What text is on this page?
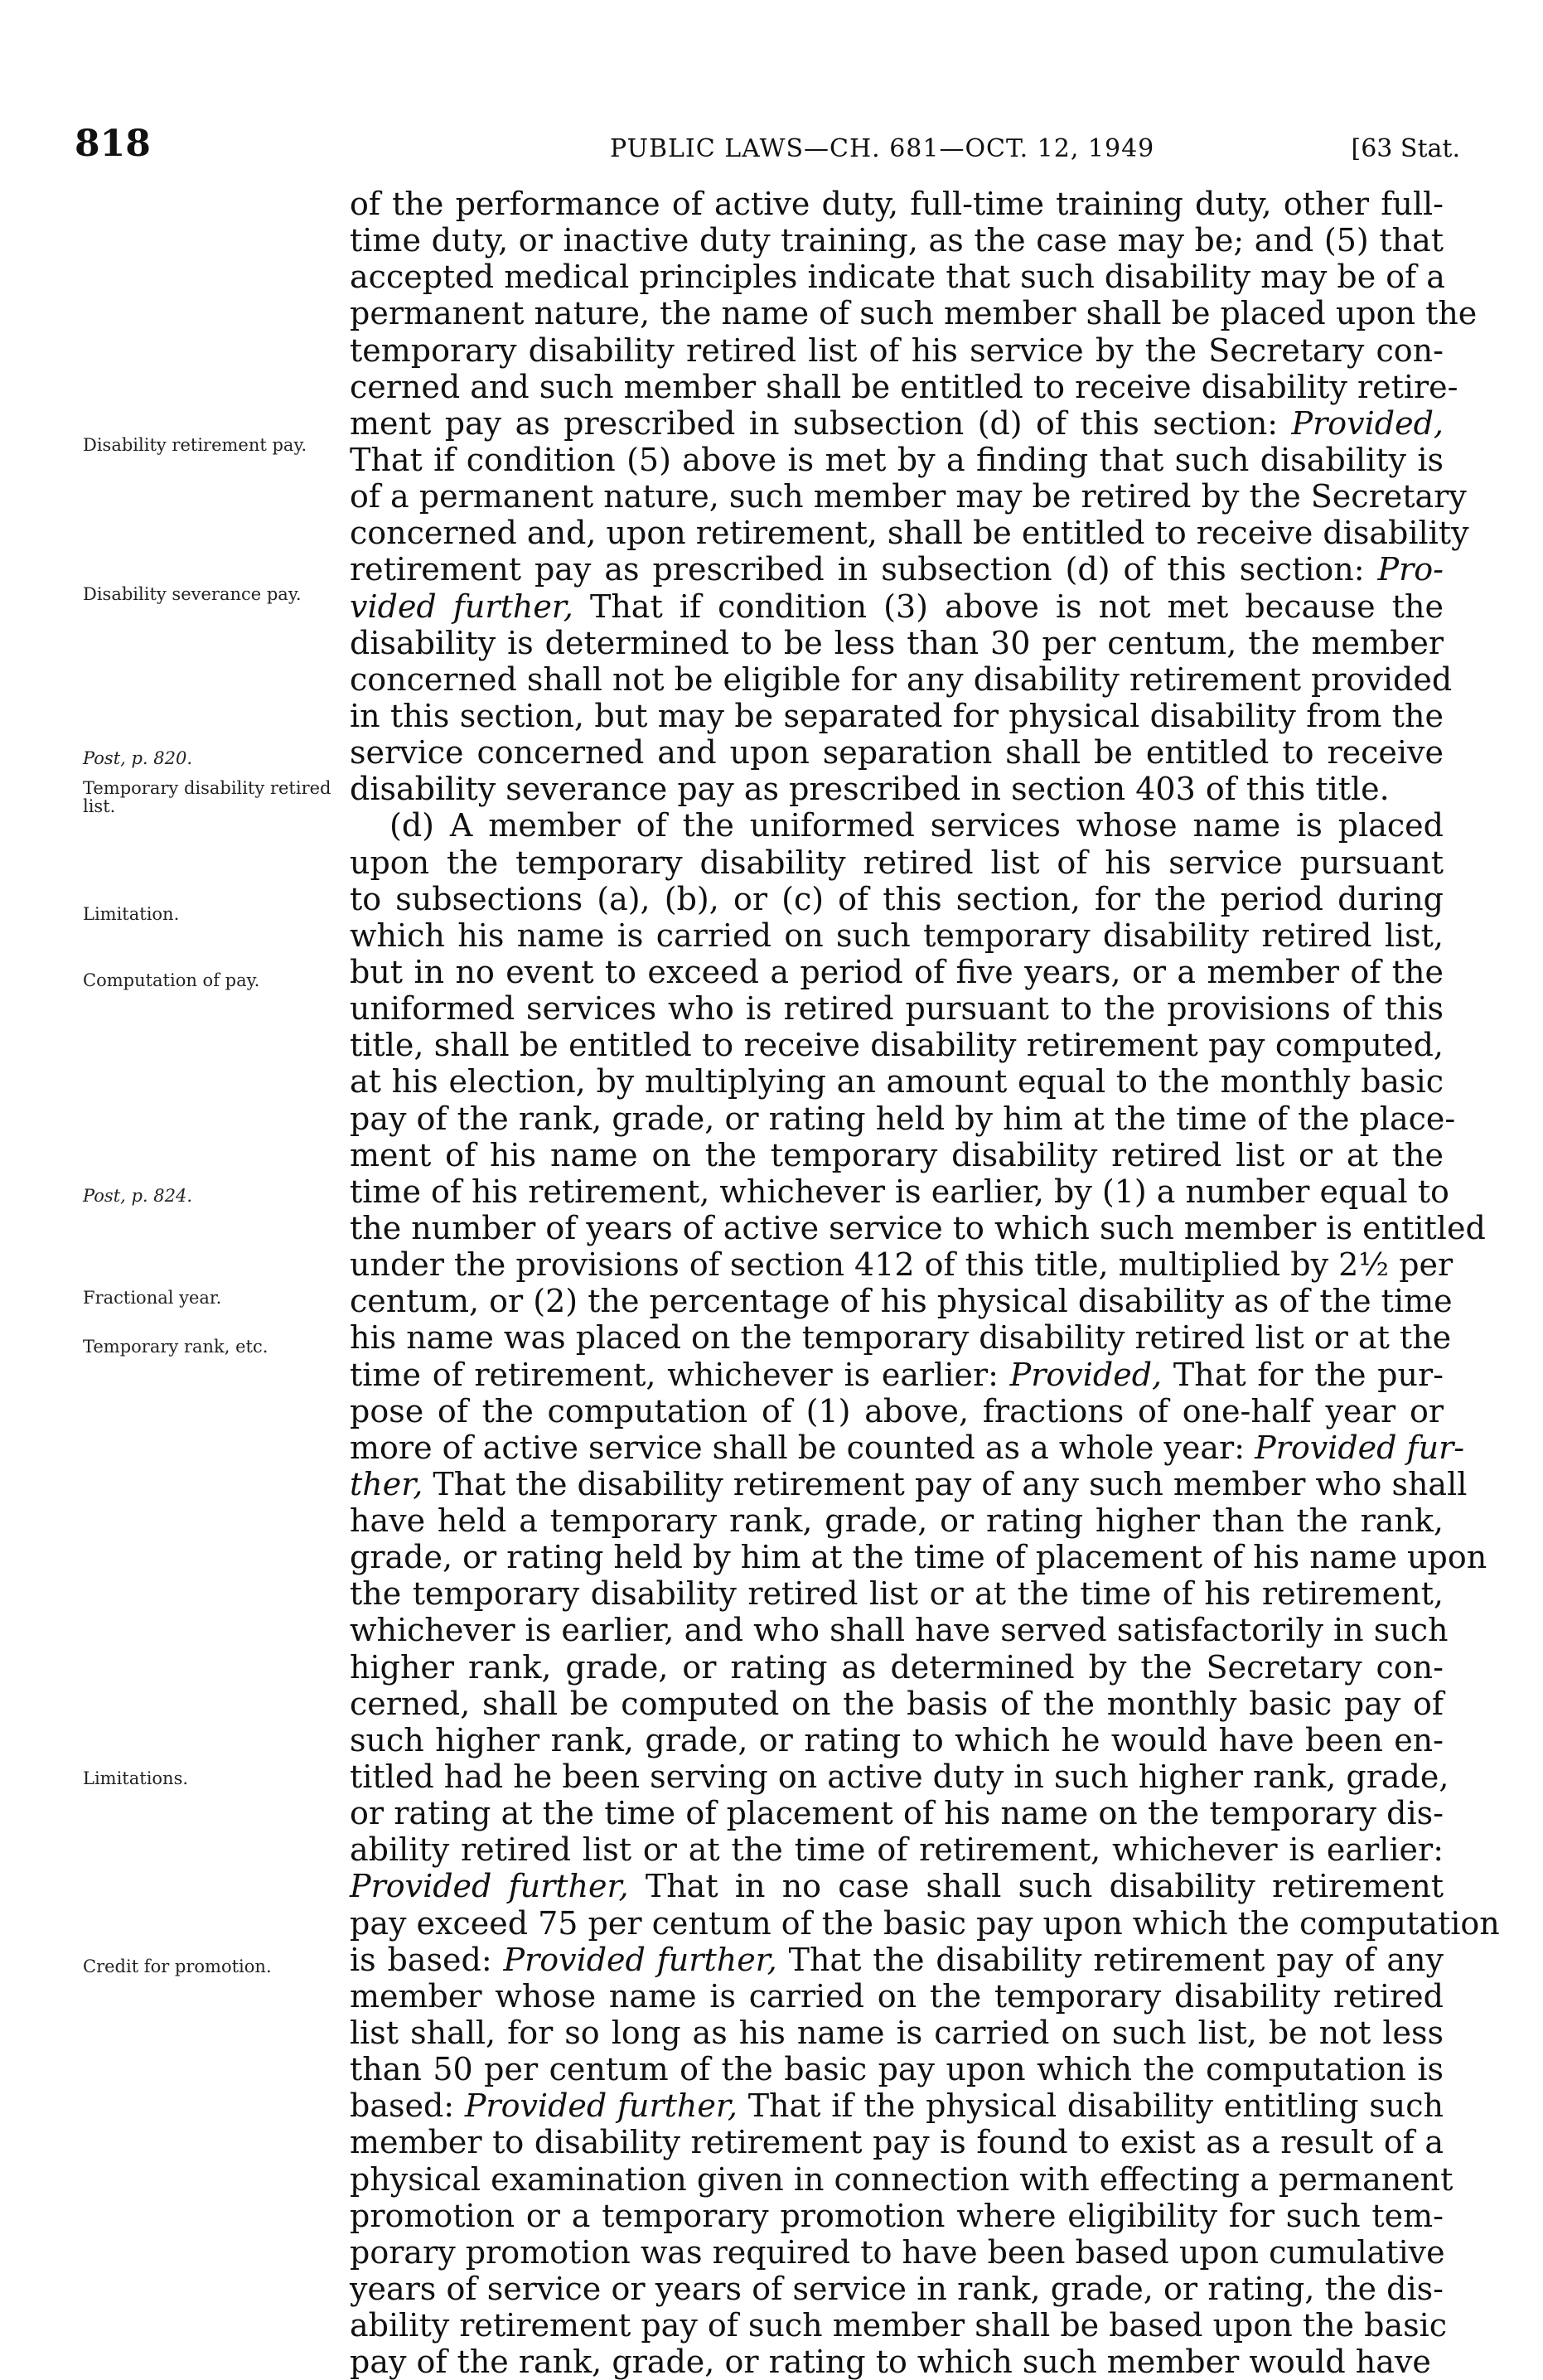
818	PUBLIC LAWS—CH. 681—OCT. 12, 1949	[63 Stat.
Disability retirement pay.
Disability severance pay.
Post, p. 820.
Temporary disability retired list.
Limitation.
Computation of pay.
Post, p. 824.
Fractional year.
Temporary rank, etc.
Limitations.
Credit for promotion.
of the performance of active duty, full-time training duty, other full-
time duty, or inactive duty training, as the case may be; and (5) that
accepted medical principles indicate that such disability may be of a
permanent nature, the name of such member shall be placed upon the
temporary disability retired list of his service by the Secretary con-
cerned and such member shall be entitled to receive disability retire-
ment pay as prescribed in subsection (d) of this section: Provided,
That if condition (5) above is met by a finding that such disability is
of a permanent nature, such member may be retired by the Secretary
concerned and, upon retirement, shall be entitled to receive disability
retirement pay as prescribed in subsection (d) of this section: Pro-
vided further, That if condition (3) above is not met because the
disability is determined to be less than 30 per centum, the member
concerned shall not be eligible for any disability retirement provided
in this section, but may be separated for physical disability from the
service concerned and upon separation shall be entitled to receive
disability severance pay as prescribed in section 403 of this title.
(d) A member of the uniformed services whose name is placed
upon the temporary disability retired list of his service pursuant
to subsections (a), (b), or (c) of this section, for the period during
which his name is carried on such temporary disability retired list,
but in no event to exceed a period of five years, or a member of the
uniformed services who is retired pursuant to the provisions of this
title, shall be entitled to receive disability retirement pay computed,
at his election, by multiplying an amount equal to the monthly basic
pay of the rank, grade, or rating held by him at the time of the place-
ment of his name on the temporary disability retired list or at the
time of his retirement, whichever is earlier, by (1) a number equal to
the number of years of active service to which such member is entitled
under the provisions of section 412 of this title, multiplied by 2½ per
centum, or (2) the percentage of his physical disability as of the time
his name was placed on the temporary disability retired list or at the
time of retirement, whichever is earlier: Provided, That for the pur-
pose of the computation of (1) above, fractions of one-half year or
more of active service shall be counted as a whole year: Provided fur-
ther, That the disability retirement pay of any such member who shall
have held a temporary rank, grade, or rating higher than the rank,
grade, or rating held by him at the time of placement of his name upon
the temporary disability retired list or at the time of his retirement,
whichever is earlier, and who shall have served satisfactorily in such
higher rank, grade, or rating as determined by the Secretary con-
cerned, shall be computed on the basis of the monthly basic pay of
such higher rank, grade, or rating to which he would have been en-
titled had he been serving on active duty in such higher rank, grade,
or rating at the time of placement of his name on the temporary dis-
ability retired list or at the time of retirement, whichever is earlier:
Provided further, That in no case shall such disability retirement
pay exceed 75 per centum of the basic pay upon which the computation
is based: Provided further, That the disability retirement pay of any
member whose name is carried on the temporary disability retired
list shall, for so long as his name is carried on such list, be not less
than 50 per centum of the basic pay upon which the computation is
based: Provided further, That if the physical disability entitling such
member to disability retirement pay is found to exist as a result of a
physical examination given in connection with effecting a permanent
promotion or a temporary promotion where eligibility for such tem-
porary promotion was required to have been based upon cumulative
years of service or years of service in rank, grade, or rating, the dis-
ability retirement pay of such member shall be based upon the basic
pay of the rank, grade, or rating to which such member would have
